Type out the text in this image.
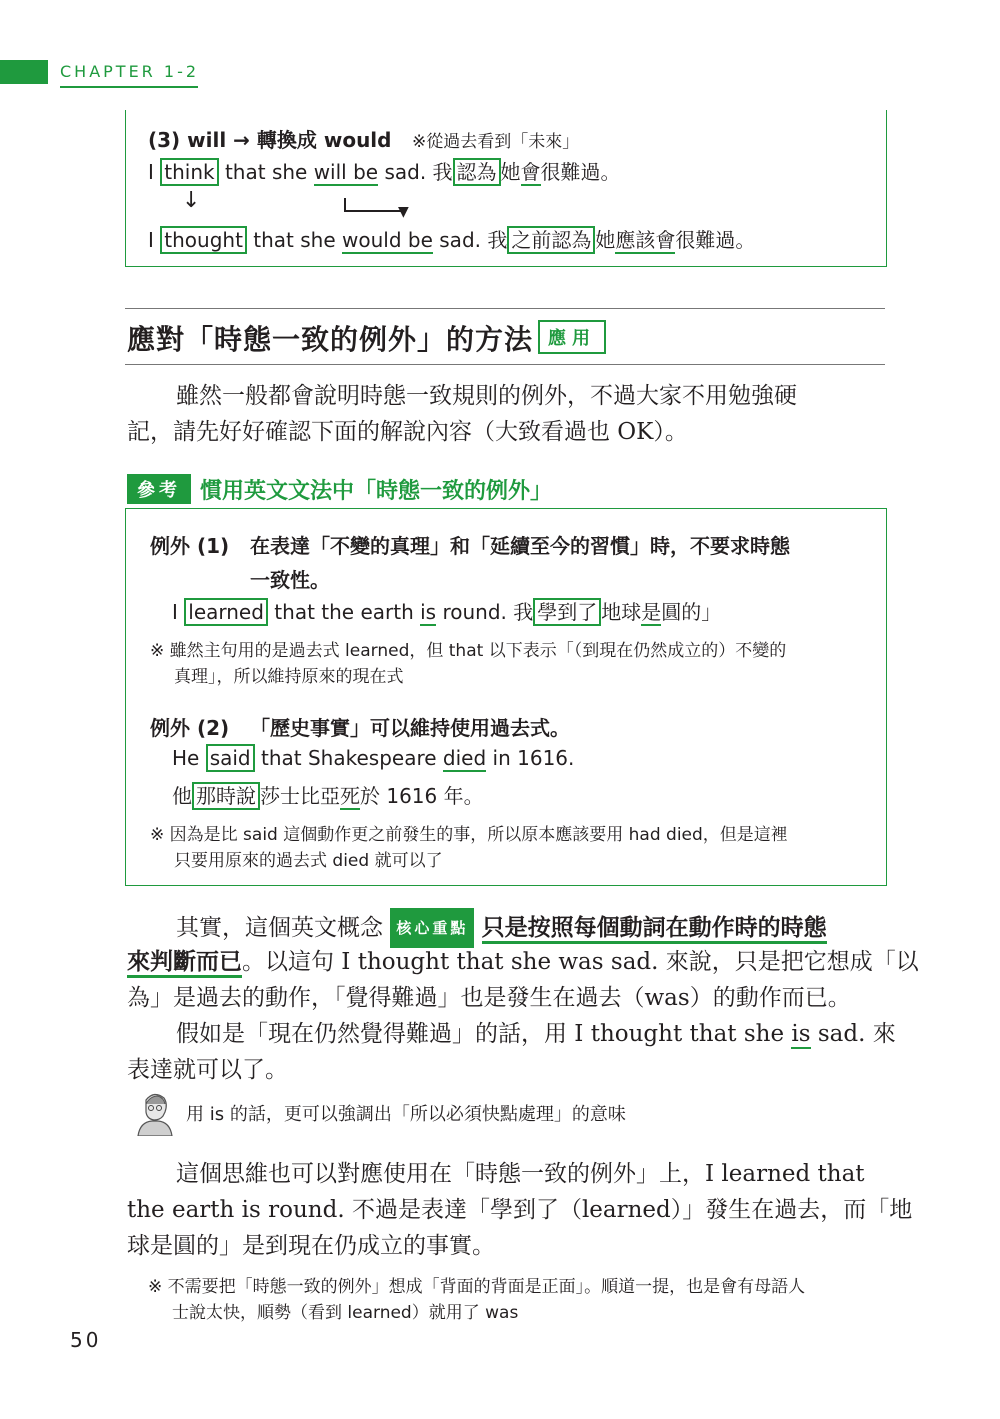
CHAPTER 1-2
(3) will → 轉換成 would ※從過去看到「未來」
I think that she will be sad. 我 認為 她會很難過。
↓	▼
I thought that she would be sad. 我 之前認為 她應該會很難過。
應對「時態一致的例外」的方法 應用
雖然一般都會說明時態一致規則的例外，不過大家不用勉強硬
記，請先好好確認下面的解說內容（大致看過也 OK）。
參考 慣用英文文法中「時態一致的例外」
例外 (1) 在表達「不變的真理」和「延續至今的習慣」時，不要求時態
一致性。
I learned that the earth is round. 我 學到了 地球是圓的」
※ 雖然主句用的是過去式 learned，但 that 以下表示「（到現在仍然成立的）不變的
真理」，所以維持原來的現在式
例外 (2) 「歷史事實」可以維持使用過去式。
He said that Shakespeare died in 1616.
他 那時說 莎士比亞死於 1616 年。
※ 因為是比 said 這個動作更之前發生的事，所以原本應該要用 had died，但是這裡
只要用原來的過去式 died 就可以了
其實，這個英文概念 核心重點 只是按照每個動詞在動作時的時態
來判斷而已。以這句 I thought that she was sad. 來說，只是把它想成「以
為」是過去的動作，「覺得難過」也是發生在過去（was）的動作而已。
假如是「現在仍然覺得難過」的話，用 I thought that she is sad. 來
表達就可以了。
用 is 的話，更可以強調出「所以必須快點處理」的意味
這個思維也可以對應使用在「時態一致的例外」上，I learned that
the earth is round. 不過是表達「學到了（learned）」發生在過去，而「地
球是圓的」是到現在仍成立的事實。
※ 不需要把「時態一致的例外」想成「背面的背面是正面」。順道一提，也是會有母語人
士說太快，順勢（看到 learned）就用了 was
50
